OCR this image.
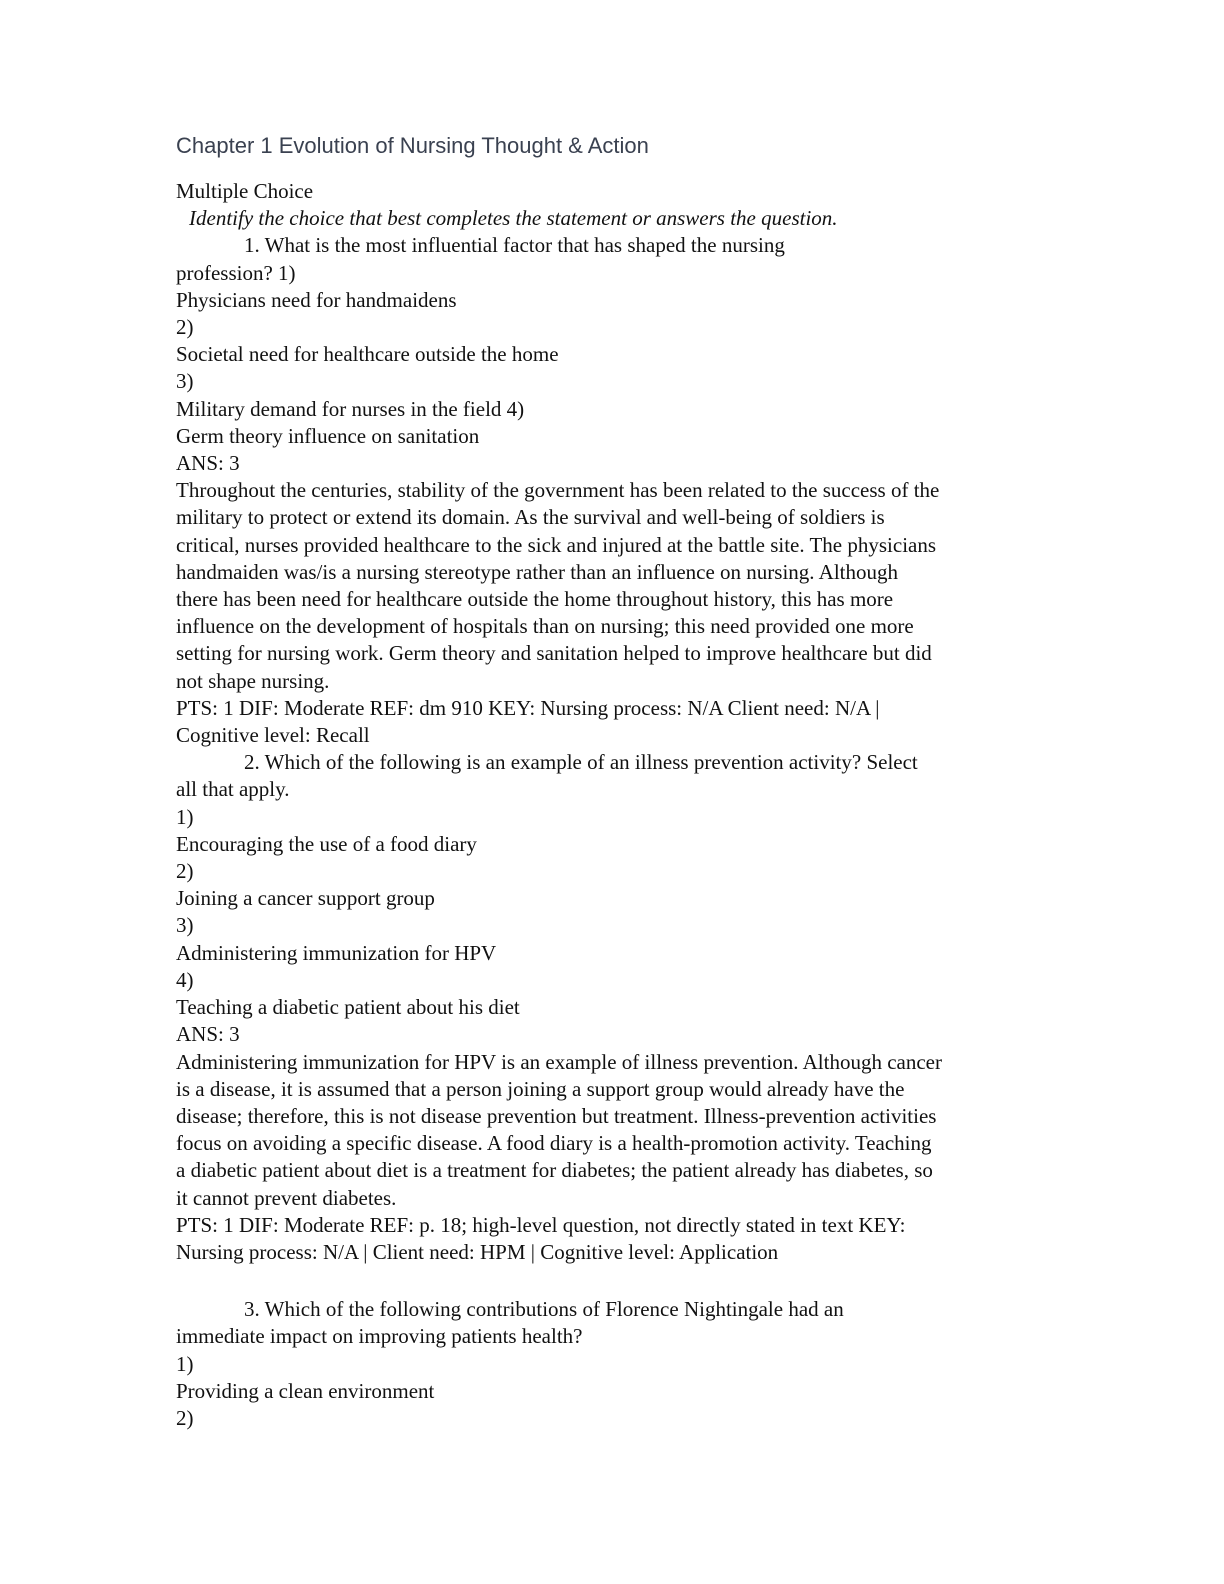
Chapter 1 Evolution of Nursing Thought & Action
Multiple Choice
Identify the choice that best completes the statement or answers the question.
1. What is the most influential factor that has shaped the nursing
profession? 1)
Physicians need for handmaidens
2)
Societal need for healthcare outside the home
3)
Military demand for nurses in the field 4)
Germ theory influence on sanitation
ANS: 3
Throughout the centuries, stability of the government has been related to the success of the
military to protect or extend its domain. As the survival and well-being of soldiers is
critical, nurses provided healthcare to the sick and injured at the battle site. The physicians
handmaiden was/is a nursing stereotype rather than an influence on nursing. Although
there has been need for healthcare outside the home throughout history, this has more
influence on the development of hospitals than on nursing; this need provided one more
setting for nursing work. Germ theory and sanitation helped to improve healthcare but did
not shape nursing.
PTS: 1 DIF: Moderate REF: dm 910 KEY: Nursing process: N/A Client need: N/A |
Cognitive level: Recall
2. Which of the following is an example of an illness prevention activity? Select
all that apply.
1)
Encouraging the use of a food diary
2)
Joining a cancer support group
3)
Administering immunization for HPV
4)
Teaching a diabetic patient about his diet
ANS: 3
Administering immunization for HPV is an example of illness prevention. Although cancer
is a disease, it is assumed that a person joining a support group would already have the
disease; therefore, this is not disease prevention but treatment. Illness-prevention activities
focus on avoiding a specific disease. A food diary is a health-promotion activity. Teaching
a diabetic patient about diet is a treatment for diabetes; the patient already has diabetes, so
it cannot prevent diabetes.
PTS: 1 DIF: Moderate REF: p. 18; high-level question, not directly stated in text KEY:
Nursing process: N/A | Client need: HPM | Cognitive level: Application
3. Which of the following contributions of Florence Nightingale had an
immediate impact on improving patients health?
1)
Providing a clean environment
2)
